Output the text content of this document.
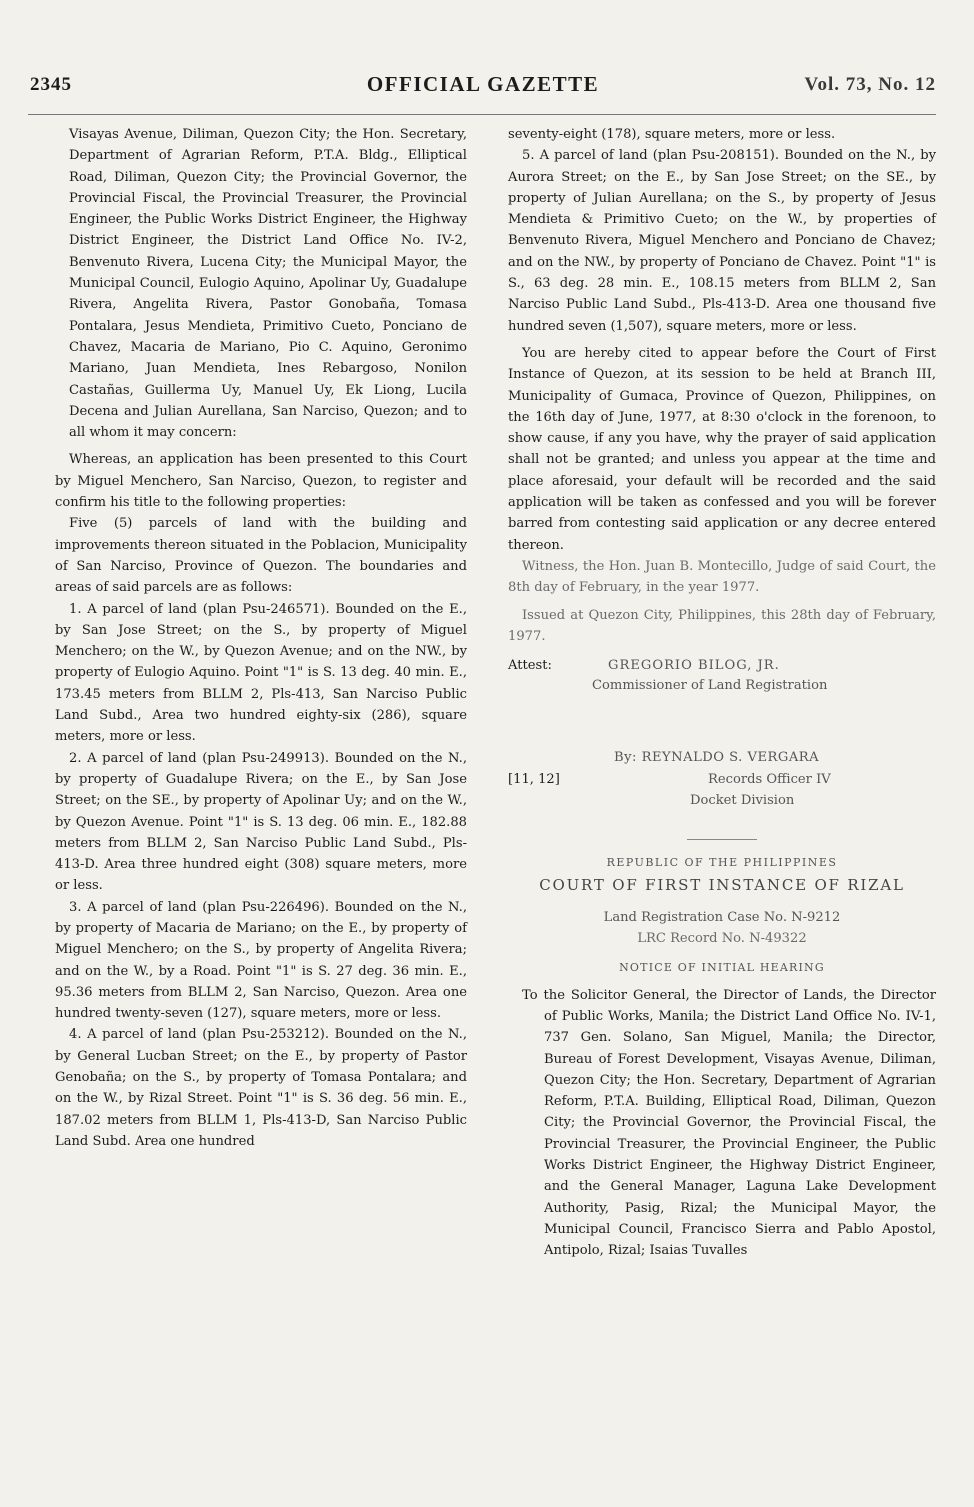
2345	OFFICIAL GAZETTE	Vol. 73, No. 12

Visayas Avenue, Diliman, Quezon City; the Hon. Secretary, Department of Agrarian Reform, P.T.A. Bldg., Elliptical Road, Diliman, Quezon City; the Provincial Governor, the Provincial Fiscal, the Provincial Treasurer, the Provincial Engineer, the Public Works District Engineer, the Highway District Engineer, the District Land Office No. IV-2, Benvenuto Rivera, Lucena City; the Municipal Mayor, the Municipal Council, Eulogio Aquino, Apolinar Uy, Guadalupe Rivera, Angelita Rivera, Pastor Gonobaña, Tomasa Pontalara, Jesus Mendieta, Primitivo Cueto, Ponciano de Chavez, Macaria de Mariano, Pio C. Aquino, Geronimo Mariano, Juan Mendieta, Ines Rebargoso, Nonilon Castañas, Guillerma Uy, Manuel Uy, Ek Liong, Lucila Decena and Julian Aurellana, San Narciso, Quezon; and to all whom it may concern:

Whereas, an application has been presented to this Court by Miguel Menchero, San Narciso, Quezon, to register and confirm his title to the following properties:

Five (5) parcels of land with the building and improvements thereon situated in the Poblacion, Municipality of San Narciso, Province of Quezon. The boundaries and areas of said parcels are as follows:

1. A parcel of land (plan Psu-246571). Bounded on the E., by San Jose Street; on the S., by property of Miguel Menchero; on the W., by Quezon Avenue; and on the NW., by property of Eulogio Aquino. Point "1" is S. 13 deg. 40 min. E., 173.45 meters from BLLM 2, Pls-413, San Narciso Public Land Subd., Area two hundred eighty-six (286), square meters, more or less.

2. A parcel of land (plan Psu-249913). Bounded on the N., by property of Guadalupe Rivera; on the E., by San Jose Street; on the SE., by property of Apolinar Uy; and on the W., by Quezon Avenue. Point "1" is S. 13 deg. 06 min. E., 182.88 meters from BLLM 2, San Narciso Public Land Subd., Pls-413-D. Area three hundred eight (308) square meters, more or less.

3. A parcel of land (plan Psu-226496). Bounded on the N., by property of Macaria de Mariano; on the E., by property of Miguel Menchero; on the S., by property of Angelita Rivera; and on the W., by a Road. Point "1" is S. 27 deg. 36 min. E., 95.36 meters from BLLM 2, San Narciso, Quezon. Area one hundred twenty-seven (127), square meters, more or less.

4. A parcel of land (plan Psu-253212). Bounded on the N., by General Lucban Street; on the E., by property of Pastor Genobaña; on the S., by property of Tomasa Pontalara; and on the W., by Rizal Street. Point "1" is S. 36 deg. 56 min. E., 187.02 meters from BLLM 1, Pls-413-D, San Narciso Public Land Subd. Area one hundred

seventy-eight (178), square meters, more or less.

5. A parcel of land (plan Psu-208151). Bounded on the N., by Aurora Street; on the E., by San Jose Street; on the SE., by property of Julian Aurellana; on the S., by property of Jesus Mendieta & Primitivo Cueto; on the W., by properties of Benvenuto Rivera, Miguel Menchero and Ponciano de Chavez; and on the NW., by property of Ponciano de Chavez. Point "1" is S., 63 deg. 28 min. E., 108.15 meters from BLLM 2, San Narciso Public Land Subd., Pls-413-D. Area one thousand five hundred seven (1,507), square meters, more or less.

You are hereby cited to appear before the Court of First Instance of Quezon, at its session to be held at Branch III, Municipality of Gumaca, Province of Quezon, Philippines, on the 16th day of June, 1977, at 8:30 o'clock in the forenoon, to show cause, if any you have, why the prayer of said application shall not be granted; and unless you appear at the time and place aforesaid, your default will be recorded and the said application will be taken as confessed and you will be forever barred from contesting said application or any decree entered thereon.

Witness, the Hon. Juan B. Montecillo, Judge of said Court, the 8th day of February, in the year 1977.

Issued at Quezon City, Philippines, this 28th day of February, 1977.

Attest:	GREGORIO BILOG, JR.
Commissioner of Land Registration
By: REYNALDO S. VERGARA
[11, 12]	Records Officer IV
Docket Division
REPUBLIC OF THE PHILIPPINES
COURT OF FIRST INSTANCE OF RIZAL
Land Registration Case No. N-9212
LRC Record No. N-49322
NOTICE OF INITIAL HEARING

To the Solicitor General, the Director of Lands, the Director of Public Works, Manila; the District Land Office No. IV-1, 737 Gen. Solano, San Miguel, Manila; the Director, Bureau of Forest Development, Visayas Avenue, Diliman, Quezon City; the Hon. Secretary, Department of Agrarian Reform, P.T.A. Building, Elliptical Road, Diliman, Quezon City; the Provincial Governor, the Provincial Fiscal, the Provincial Treasurer, the Provincial Engineer, the Public Works District Engineer, the Highway District Engineer, and the General Manager, Laguna Lake Development Authority, Pasig, Rizal; the Municipal Mayor, the Municipal Council, Francisco Sierra and Pablo Apostol, Antipolo, Rizal; Isaias Tuvalles
